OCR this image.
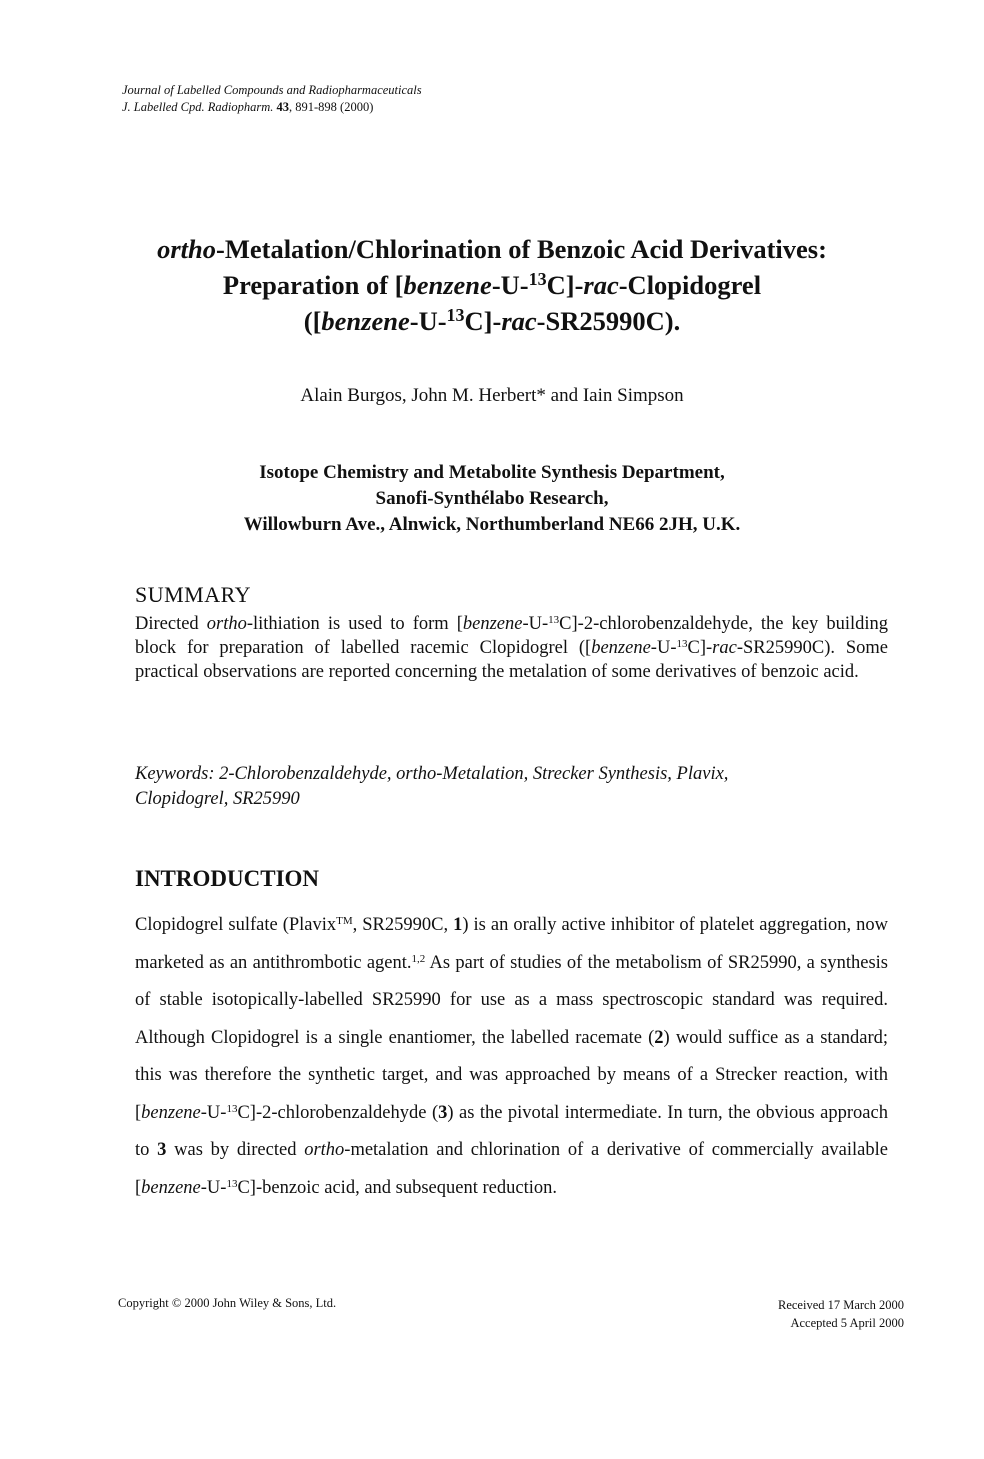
Journal of Labelled Compounds and Radiopharmaceuticals
J. Labelled Cpd. Radiopharm. 43, 891-898 (2000)
ortho-Metalation/Chlorination of Benzoic Acid Derivatives:
Preparation of [benzene-U-$^{13}$C]-rac-Clopidogrel
([benzene-U-$^{13}$C]-rac-SR25990C).
Alain Burgos, John M. Herbert* and Iain Simpson
Isotope Chemistry and Metabolite Synthesis Department,
Sanofi-Synthélabo Research,
Willowburn Ave., Alnwick, Northumberland NE66 2JH, U.K.
SUMMARY
Directed ortho-lithiation is used to form [benzene-U-$^{13}$C]-2-chlorobenzaldehyde, the key building block for preparation of labelled racemic Clopidogrel ([benzene-U-$^{13}$C]-rac-SR25990C). Some practical observations are reported concerning the metalation of some derivatives of benzoic acid.
Keywords: 2-Chlorobenzaldehyde, ortho-Metalation, Strecker Synthesis, Plavix,
Clopidogrel, SR25990
INTRODUCTION
Clopidogrel sulfate (Plavix™, SR25990C, 1) is an orally active inhibitor of platelet aggregation, now marketed as an antithrombotic agent.$^{1,2}$ As part of studies of the metabolism of SR25990, a synthesis of stable isotopically-labelled SR25990 for use as a mass spectroscopic standard was required. Although Clopidogrel is a single enantiomer, the labelled racemate (2) would suffice as a standard; this was therefore the synthetic target, and was approached by means of a Strecker reaction, with [benzene-U-$^{13}$C]-2-chlorobenzaldehyde (3) as the pivotal intermediate. In turn, the obvious approach to 3 was by directed ortho-metalation and chlorination of a derivative of commercially available [benzene-U-$^{13}$C]-benzoic acid, and subsequent reduction.
Copyright © 2000 John Wiley & Sons, Ltd.	Received 17 March 2000
Accepted 5 April 2000
